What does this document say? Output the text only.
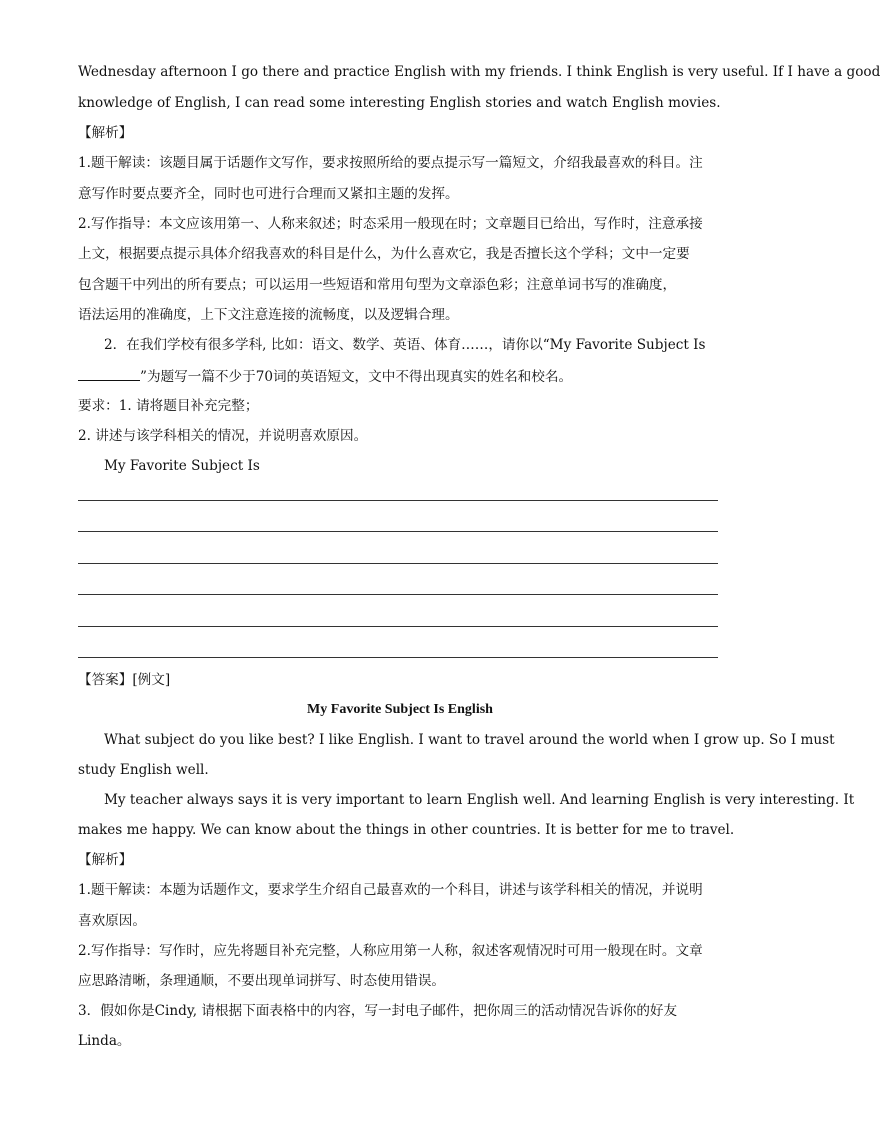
Wednesday afternoon I go there and practice English with my friends. I think English is very useful. If I have a good
knowledge of English, I can read some interesting English stories and watch English movies.
【解析】
1.题干解读：该题目属于话题作文写作，要求按照所给的要点提示写一篇短文，介绍我最喜欢的科目。注
意写作时要点要齐全，同时也可进行合理而又紧扣主题的发挥。
2.写作指导：本文应该用第一、人称来叙述；时态采用一般现在时；文章题目已给出，写作时，注意承接
上文，根据要点提示具体介绍我喜欢的科目是什么，为什么喜欢它，我是否擅长这个学科；文中一定要
包含题干中列出的所有要点；可以运用一些短语和常用句型为文章添色彩；注意单词书写的准确度，
语法运用的准确度，上下文注意连接的流畅度，以及逻辑合理。
2．在我们学校有很多学科, 比如：语文、数学、英语、体育……，请你以“My Favorite Subject Is
”为题写一篇不少于70词的英语短文，文中不得出现真实的姓名和校名。
要求：1. 请将题目补充完整；
2. 讲述与该学科相关的情况，并说明喜欢原因。
My Favorite Subject Is
【答案】[例文]
My Favorite Subject Is English
What subject do you like best? I like English. I want to travel around the world when I grow up. So I must
study English well.
My teacher always says it is very important to learn English well. And learning English is very interesting. It
makes me happy. We can know about the things in other countries. It is better for me to travel.
【解析】
1.题干解读：本题为话题作文，要求学生介绍自己最喜欢的一个科目，讲述与该学科相关的情况，并说明
喜欢原因。
2.写作指导：写作时，应先将题目补充完整，人称应用第一人称，叙述客观情况时可用一般现在时。文章
应思路清晰，条理通顺，不要出现单词拼写、时态使用错误。
3．假如你是Cindy, 请根据下面表格中的内容，写一封电子邮件，把你周三的活动情况告诉你的好友
Linda。
